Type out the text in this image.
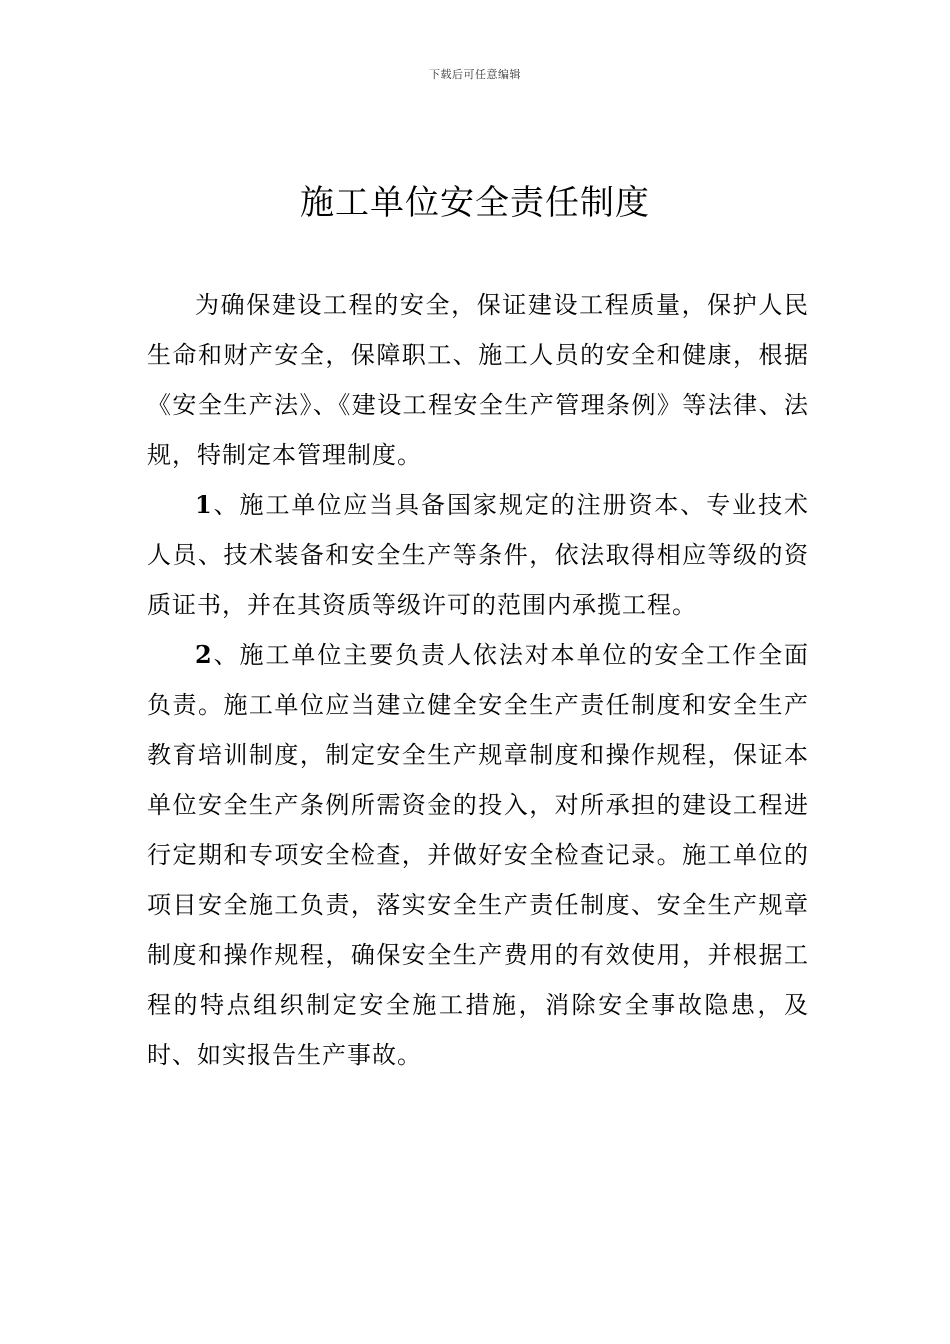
下载后可任意编辑
施工单位安全责任制度

为确保建设工程的安全，保证建设工程质量，保护人民生命和财产安全，保障职工、施工人员的安全和健康，根据《安全生产法》、《建设工程安全生产管理条例》等法律、法规，特制定本管理制度。

1、施工单位应当具备国家规定的注册资本、专业技术人员、技术装备和安全生产等条件，依法取得相应等级的资质证书，并在其资质等级许可的范围内承揽工程。

2、施工单位主要负责人依法对本单位的安全工作全面负责。施工单位应当建立健全安全生产责任制度和安全生产教育培训制度，制定安全生产规章制度和操作规程，保证本单位安全生产条例所需资金的投入，对所承担的建设工程进行定期和专项安全检查，并做好安全检查记录。施工单位的项目安全施工负责，落实安全生产责任制度、安全生产规章制度和操作规程，确保安全生产费用的有效使用，并根据工程的特点组织制定安全施工措施，消除安全事故隐患，及时、如实报告生产事故。
